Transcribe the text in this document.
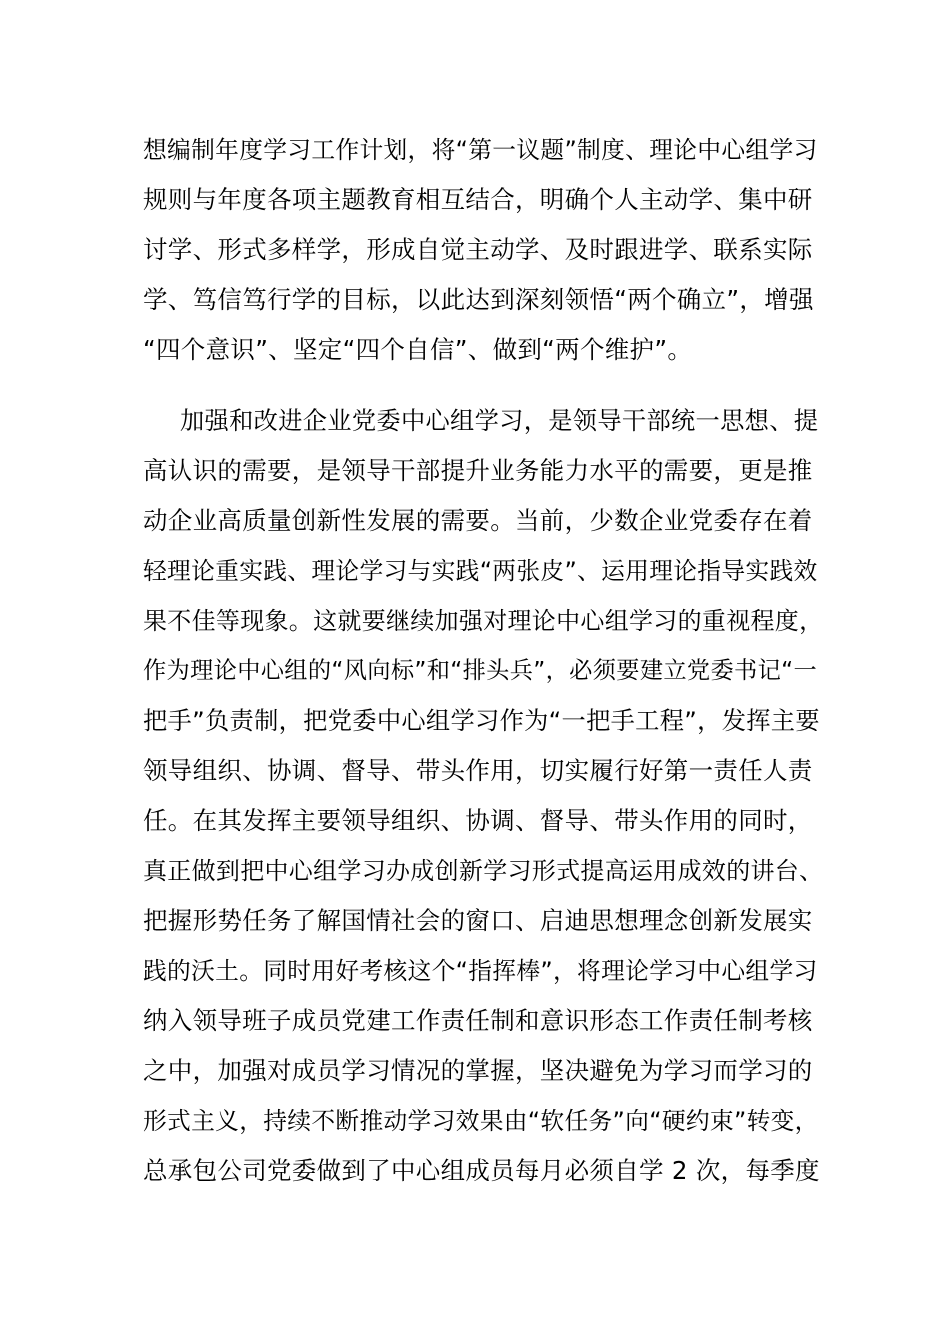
想编制年度学习工作计划，将“第一议题”制度、理论中心组学习
规则与年度各项主题教育相互结合，明确个人主动学、集中研
讨学、形式多样学，形成自觉主动学、及时跟进学、联系实际
学、笃信笃行学的目标，以此达到深刻领悟“两个确立”，增强
“四个意识”、坚定“四个自信”、做到“两个维护”。
加强和改进企业党委中心组学习，是领导干部统一思想、提
高认识的需要，是领导干部提升业务能力水平的需要，更是推
动企业高质量创新性发展的需要。当前，少数企业党委存在着
轻理论重实践、理论学习与实践“两张皮”、运用理论指导实践效
果不佳等现象。这就要继续加强对理论中心组学习的重视程度，
作为理论中心组的“风向标”和“排头兵”，必须要建立党委书记“一
把手”负责制，把党委中心组学习作为“一把手工程”，发挥主要
领导组织、协调、督导、带头作用，切实履行好第一责任人责
任。在其发挥主要领导组织、协调、督导、带头作用的同时，
真正做到把中心组学习办成创新学习形式提高运用成效的讲台、
把握形势任务了解国情社会的窗口、启迪思想理念创新发展实
践的沃土。同时用好考核这个“指挥棒”，将理论学习中心组学习
纳入领导班子成员党建工作责任制和意识形态工作责任制考核
之中，加强对成员学习情况的掌握，坚决避免为学习而学习的
形式主义，持续不断推动学习效果由“软任务”向“硬约束”转变，
总承包公司党委做到了中心组成员每月必须自学 2 次，每季度
